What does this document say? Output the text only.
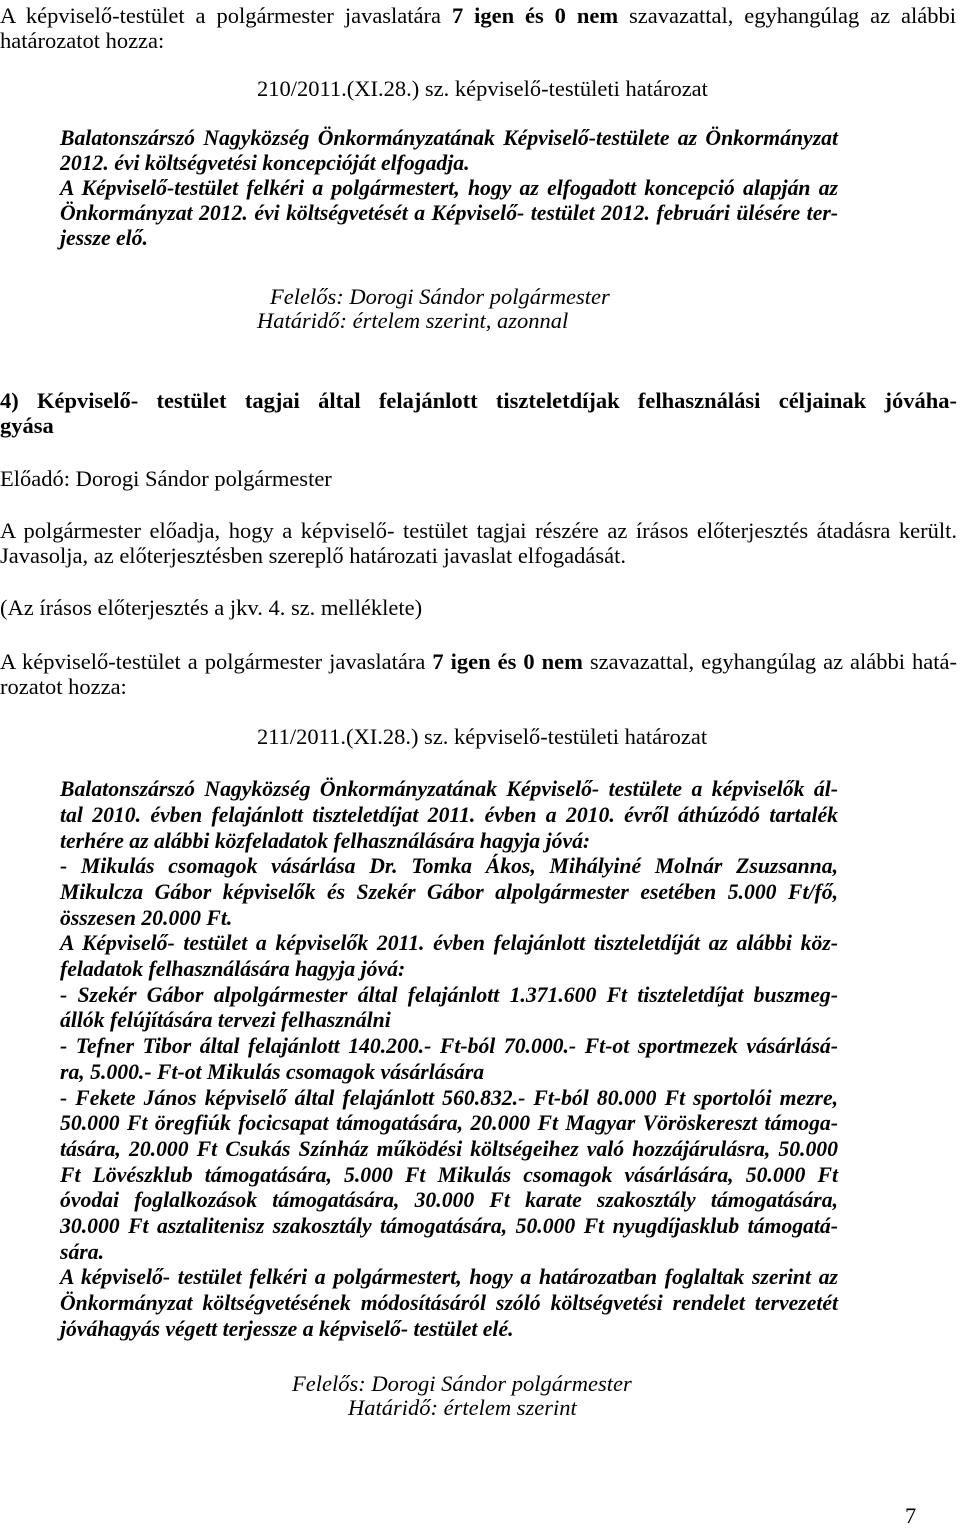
A képviselő-testület a polgármester javaslatára 7 igen és 0 nem szavazattal, egyhangúlag az alábbi
határozatot hozza:
210/2011.(XI.28.) sz. képviselő-testületi határozat
Balatonszárszó Nagyközség Önkormányzatának Képviselő-testülete az Önkormányzat
2012. évi költségvetési koncepcióját elfogadja.
A Képviselő-testület felkéri a polgármestert, hogy az elfogadott koncepció alapján az
Önkormányzat 2012. évi költségvetését a Képviselő- testület 2012. februári ülésére ter-
jessze elő.
Felelős: Dorogi Sándor polgármester
Határidő: értelem szerint, azonnal
4) Képviselő- testület tagjai által felajánlott tiszteletdíjak felhasználási céljainak jóváha-
gyása
Előadó: Dorogi Sándor polgármester
A polgármester előadja, hogy a képviselő- testület tagjai részére az írásos előterjesztés átadásra került.
Javasolja, az előterjesztésben szereplő határozati javaslat elfogadását.
(Az írásos előterjesztés a jkv. 4. sz. melléklete)
A képviselő-testület a polgármester javaslatára 7 igen és 0 nem szavazattal, egyhangúlag az alábbi hatá-
rozatot hozza:
211/2011.(XI.28.) sz. képviselő-testületi határozat
Balatonszárszó Nagyközség Önkormányzatának Képviselő- testülete a képviselők ál-
tal 2010. évben felajánlott tiszteletdíjat 2011. évben a 2010. évről áthúzódó tartalék
terhére az alábbi közfeladatok felhasználására hagyja jóvá:
- Mikulás csomagok vásárlása Dr. Tomka Ákos, Mihályiné Molnár Zsuzsanna,
Mikulcza Gábor képviselők és Szekér Gábor alpolgármester esetében 5.000 Ft/fő,
összesen 20.000 Ft.
A Képviselő- testület a képviselők 2011. évben felajánlott tiszteletdíját az alábbi köz-
feladatok felhasználására hagyja jóvá:
- Szekér Gábor alpolgármester által felajánlott 1.371.600 Ft tiszteletdíjat buszmeg-
állók felújítására tervezi felhasználni
- Tefner Tibor által felajánlott 140.200.- Ft-ból 70.000.- Ft-ot sportmezek vásárlásá-
ra, 5.000.- Ft-ot Mikulás csomagok vásárlására
- Fekete János képviselő által felajánlott 560.832.- Ft-ból 80.000 Ft sportolói mezre,
50.000 Ft öregfiúk focicsapat támogatására, 20.000 Ft Magyar Vöröskereszt támoga-
tására, 20.000 Ft Csukás Színház működési költségeihez való hozzájárulásra, 50.000
Ft Lövészklub támogatására, 5.000 Ft Mikulás csomagok vásárlására, 50.000 Ft
óvodai foglalkozások támogatására, 30.000 Ft karate szakosztály támogatására,
30.000 Ft asztalitenisz szakosztály támogatására, 50.000 Ft nyugdíjasklub támogatá-
sára.
A képviselő- testület felkéri a polgármestert, hogy a határozatban foglaltak szerint az
Önkormányzat költségvetésének módosításáról szóló költségvetési rendelet tervezetét
jóváhagyás végett terjessze a képviselő- testület elé.
Felelős: Dorogi Sándor polgármester
Határidő: értelem szerint
7
